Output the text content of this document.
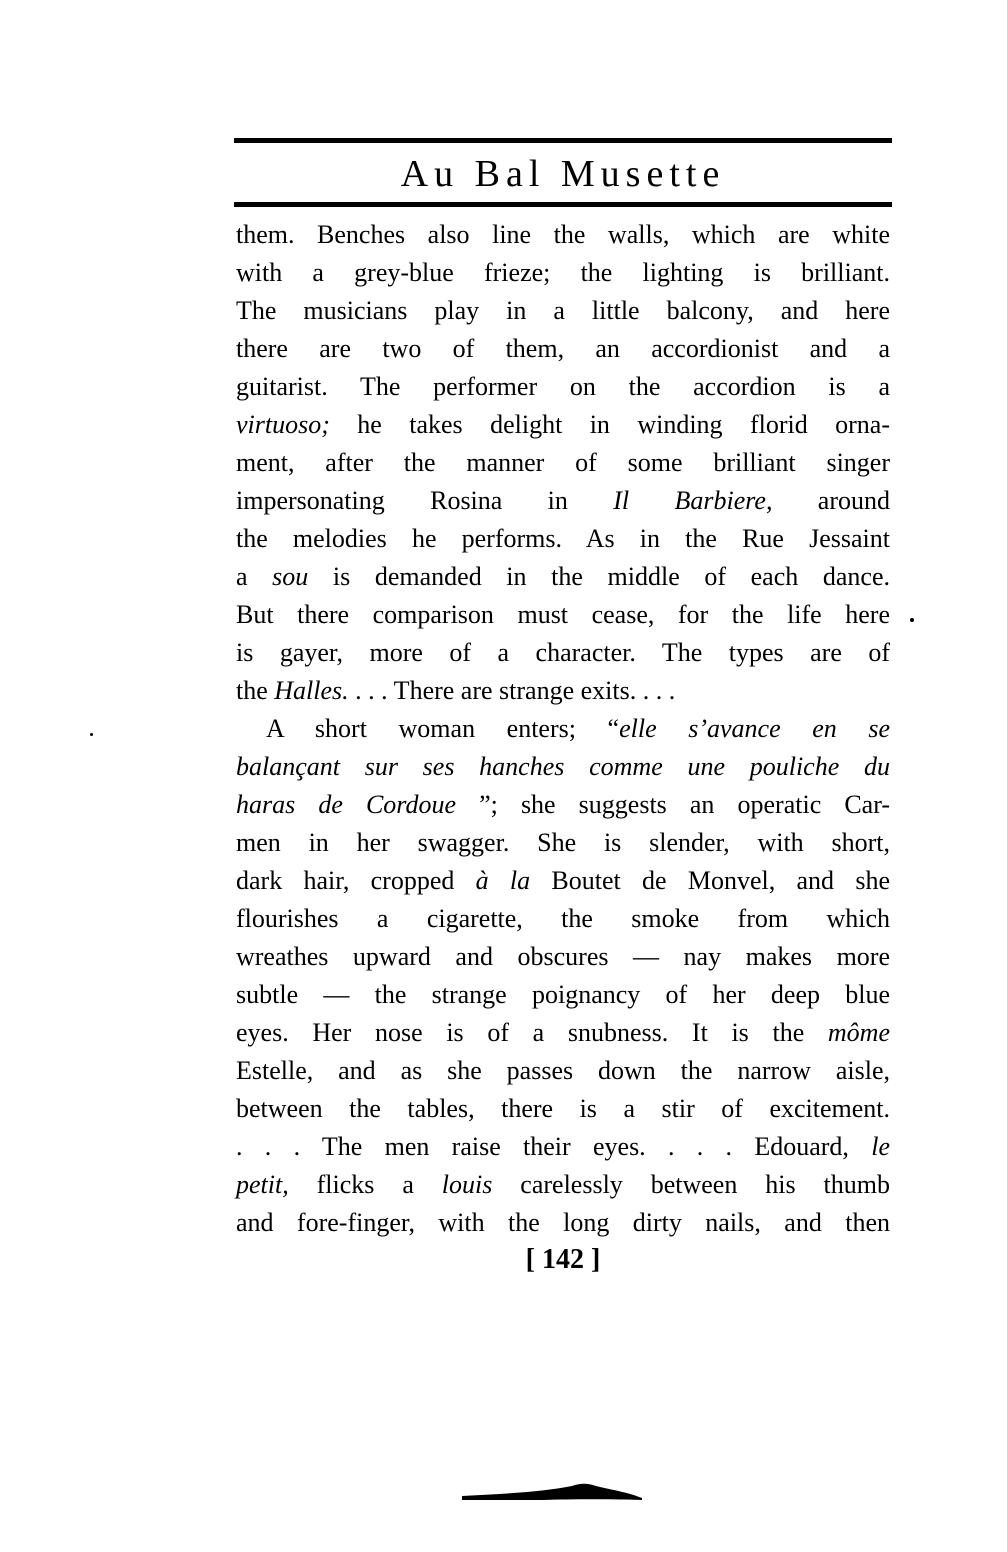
Au Bal Musette
them. Benches also line the walls, which are white
with a grey-blue frieze; the lighting is brilliant.
The musicians play in a little balcony, and here
there are two of them, an accordionist and a
guitarist. The performer on the accordion is a
virtuoso; he takes delight in winding florid orna-
ment, after the manner of some brilliant singer
impersonating Rosina in Il Barbiere, around
the melodies he performs. As in the Rue Jessaint
a sou is demanded in the middle of each dance.
But there comparison must cease, for the life here
is gayer, more of a character. The types are of
the Halles. . . . There are strange exits. . . .
A short woman enters; “elle s’avance en se
balançant sur ses hanches comme une pouliche du
haras de Cordoue ”; she suggests an operatic Car-
men in her swagger. She is slender, with short,
dark hair, cropped à la Boutet de Monvel, and she
flourishes a cigarette, the smoke from which
wreathes upward and obscures — nay makes more
subtle — the strange poignancy of her deep blue
eyes. Her nose is of a snubness. It is the môme
Estelle, and as she passes down the narrow aisle,
between the tables, there is a stir of excitement.
. . . The men raise their eyes. . . . Edouard, le
petit, flicks a louis carelessly between his thumb
and fore-finger, with the long dirty nails, and then
[ 142 ]
